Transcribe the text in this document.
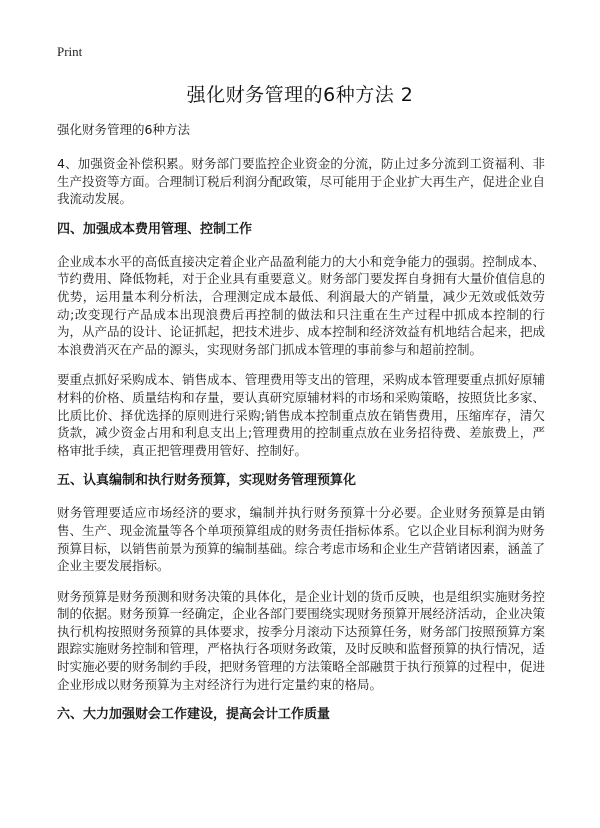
Print
强化财务管理的6种方法 2
强化财务管理的6种方法

4、加强资金补偿积累。财务部门要监控企业资金的分流，防止过多分流到工资福利、非生产投资等方面。合理制订税后利润分配政策，尽可能用于企业扩大再生产，促进企业自我流动发展。

四、加强成本费用管理、控制工作

企业成本水平的高低直接决定着企业产品盈利能力的大小和竞争能力的强弱。控制成本、节约费用、降低物耗，对于企业具有重要意义。财务部门要发挥自身拥有大量价值信息的优势，运用量本利分析法，合理测定成本最低、利润最大的产销量，减少无效或低效劳动;改变现行产品成本出现浪费后再控制的做法和只注重在生产过程中抓成本控制的行为，从产品的设计、论证抓起，把技术进步、成本控制和经济效益有机地结合起来，把成本浪费消灭在产品的源头，实现财务部门抓成本管理的事前参与和超前控制。

要重点抓好采购成本、销售成本、管理费用等支出的管理，采购成本管理要重点抓好原辅材料的价格、质量结构和存量，要认真研究原辅材料的市场和采购策略，按照货比多家、比质比价、择优选择的原则进行采购;销售成本控制重点放在销售费用，压缩库存，清欠货款，减少资金占用和利息支出上;管理费用的控制重点放在业务招待费、差旅费上，严格审批手续，真正把管理费用管好、控制好。

五、认真编制和执行财务预算，实现财务管理预算化

财务管理要适应市场经济的要求，编制并执行财务预算十分必要。企业财务预算是由销售、生产、现金流量等各个单项预算组成的财务责任指标体系。它以企业目标利润为财务预算目标，以销售前景为预算的编制基础。综合考虑市场和企业生产营销诸因素，涵盖了企业主要发展指标。

财务预算是财务预测和财务决策的具体化，是企业计划的货币反映，也是组织实施财务控制的依据。财务预算一经确定，企业各部门要围绕实现财务预算开展经济活动，企业决策执行机构按照财务预算的具体要求，按季分月滚动下达预算任务，财务部门按照预算方案跟踪实施财务控制和管理，严格执行各项财务政策，及时反映和监督预算的执行情况，适时实施必要的财务制约手段，把财务管理的方法策略全部融贯于执行预算的过程中，促进企业形成以财务预算为主对经济行为进行定量约束的格局。

六、大力加强财会工作建设，提高会计工作质量
